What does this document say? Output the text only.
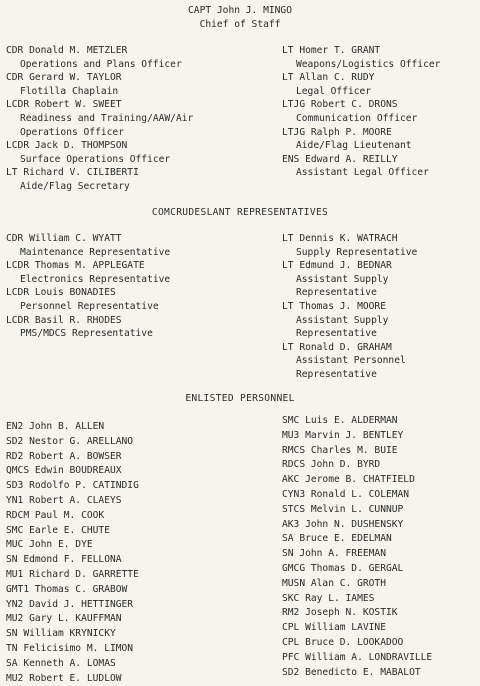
CAPT John J. MINGO
Chief of Staff
CDR Donald M. METZLER
Operations and Plans Officer
CDR Gerard W. TAYLOR
Flotilla Chaplain
LCDR Robert W. SWEET
Readiness and Training/AAW/Air
Operations Officer
LCDR Jack D. THOMPSON
Surface Operations Officer
LT Richard V. CILIBERTI
Aide/Flag Secretary
LT Homer T. GRANT
Weapons/Logistics Officer
LT Allan C. RUDY
Legal Officer
LTJG Robert C. DRONS
Communication Officer
LTJG Ralph P. MOORE
Aide/Flag Lieutenant
ENS Edward A. REILLY
Assistant Legal Officer
COMCRUDESLANT REPRESENTATIVES
CDR William C. WYATT
Maintenance Representative
LCDR Thomas M. APPLEGATE
Electronics Representative
LCDR Louis BONADIES
Personnel Representative
LCDR Basil R. RHODES
PMS/MDCS Representative
LT Dennis K. WATRACH
Supply Representative
LT Edmund J. BEDNAR
Assistant Supply
Representative
LT Thomas J. MOORE
Assistant Supply
Representative
LT Ronald D. GRAHAM
Assistant Personnel
Representative
ENLISTED PERSONNEL
EN2 John B. ALLEN
SD2 Nestor G. ARELLANO
RD2 Robert A. BOWSER
QMCS Edwin BOUDREAUX
SD3 Rodolfo P. CATINDIG
YN1 Robert A. CLAEYS
RDCM Paul M. COOK
SMC Earle E. CHUTE
MUC John E. DYE
SN Edmond F. FELLONA
MU1 Richard D. GARRETTE
GMT1 Thomas C. GRABOW
YN2 David J. HETTINGER
MU2 Gary L. KAUFFMAN
SN William KRYNICKY
TN Felicisimo M. LIMON
SA Kenneth A. LOMAS
MU2 Robert E. LUDLOW
SMC Luis E. ALDERMAN
MU3 Marvin J. BENTLEY
RMCS Charles M. BUIE
RDCS John D. BYRD
AKC Jerome B. CHATFIELD
CYN3 Ronald L. COLEMAN
STCS Melvin L. CUNNUP
AK3 John N. DUSHENSKY
SA Bruce E. EDELMAN
SN John A. FREEMAN
GMCG Thomas D. GERGAL
MUSN Alan C. GROTH
SKC Ray L. IAMES
RM2 Joseph N. KOSTIK
CPL William LAVINE
CPL Bruce D. LOOKADOO
PFC William A. LONDRAVILLE
SD2 Benedicto E. MABALOT
